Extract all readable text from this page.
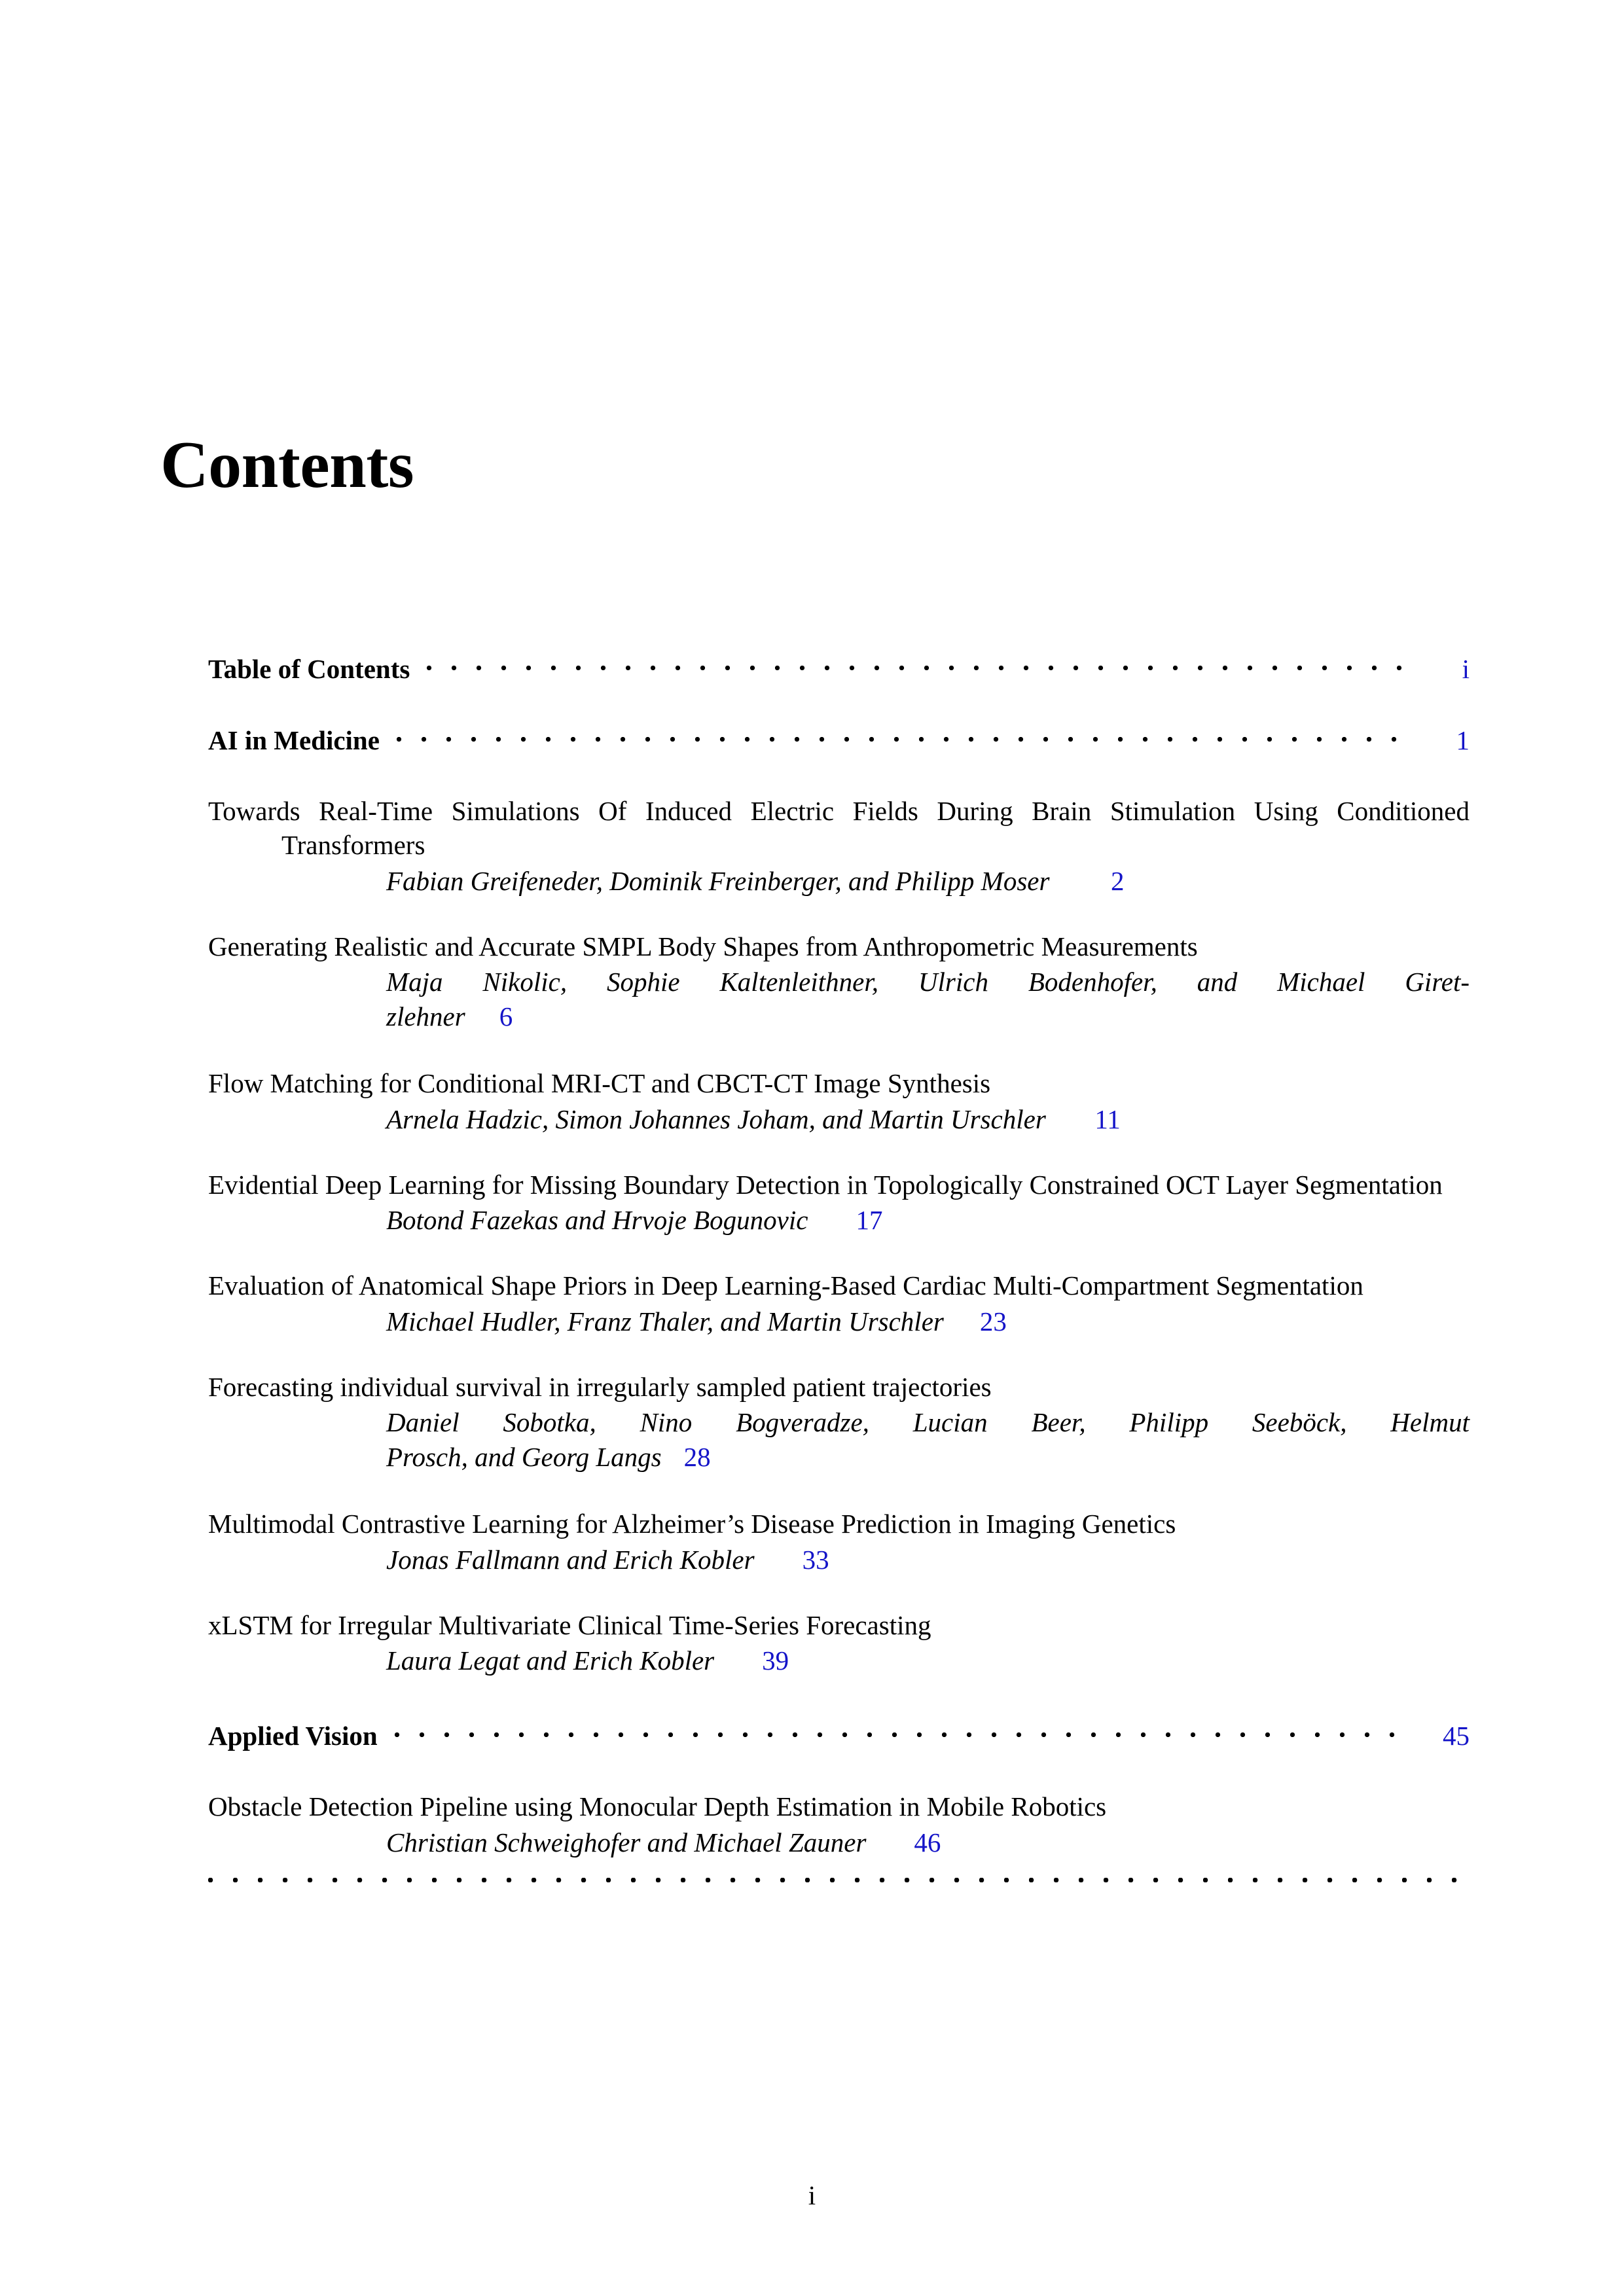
Contents
Table of Contents	i
AI in Medicine	1
Towards Real-Time Simulations Of Induced Electric Fields During Brain Stimulation Using Conditioned Transformers
Fabian Greifeneder, Dominik Freinberger, and Philipp Moser	2
Generating Realistic and Accurate SMPL Body Shapes from Anthropometric Measurements
Maja Nikolic, Sophie Kaltenleithner, Ulrich Bodenhofer, and Michael Giret-
zlehner	6
Flow Matching for Conditional MRI-CT and CBCT-CT Image Synthesis
Arnela Hadzic, Simon Johannes Joham, and Martin Urschler	11
Evidential Deep Learning for Missing Boundary Detection in Topologically Constrained OCT Layer Segmentation
Botond Fazekas and Hrvoje Bogunovic	17
Evaluation of Anatomical Shape Priors in Deep Learning-Based Cardiac Multi-Compartment Segmentation
Michael Hudler, Franz Thaler, and Martin Urschler	23
Forecasting individual survival in irregularly sampled patient trajectories
Daniel Sobotka, Nino Bogveradze, Lucian Beer, Philipp Seeböck, Helmut
Prosch, and Georg Langs 28
Multimodal Contrastive Learning for Alzheimer’s Disease Prediction in Imaging Genetics
Jonas Fallmann and Erich Kobler	33
xLSTM for Irregular Multivariate Clinical Time-Series Forecasting
Laura Legat and Erich Kobler	39
Applied Vision	45
Obstacle Detection Pipeline using Monocular Depth Estimation in Mobile Robotics
Christian Schweighofer and Michael Zauner	46
i
